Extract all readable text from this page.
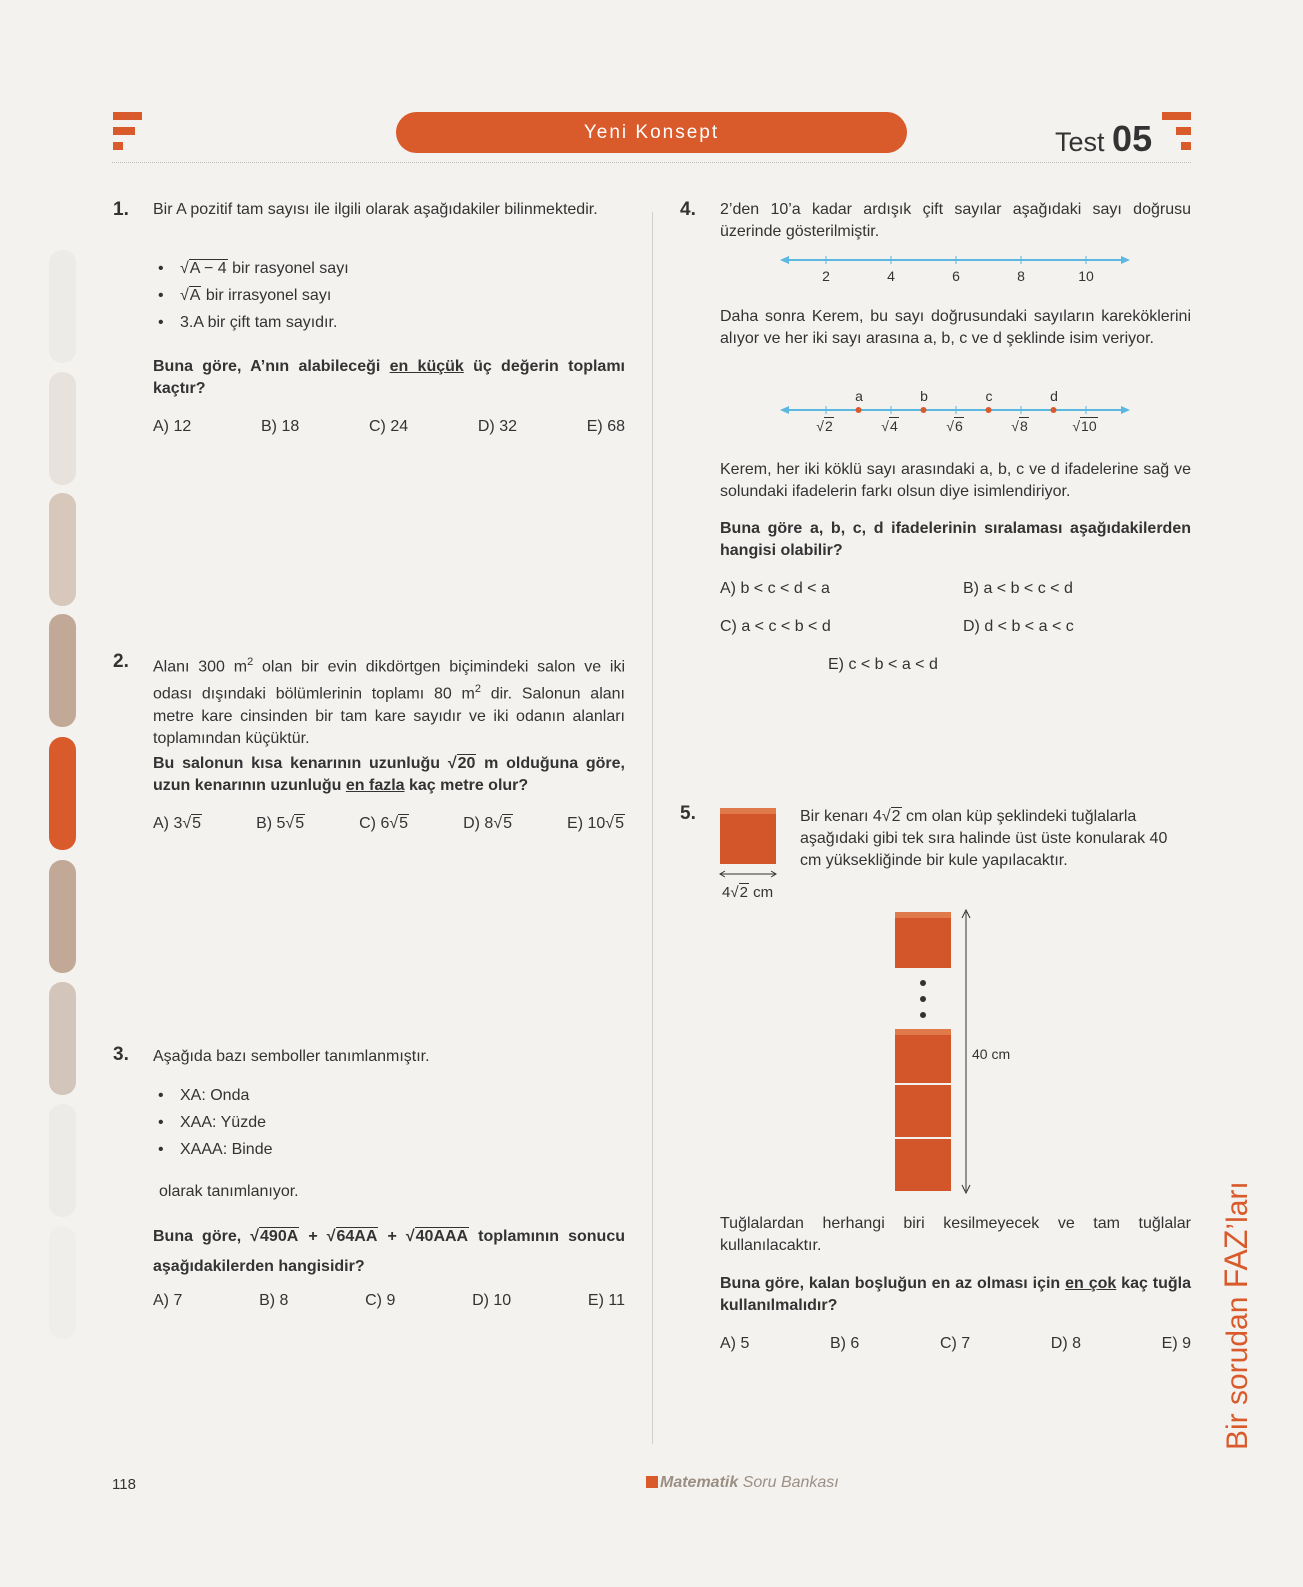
Yeni Konsept	Test 05
1. Bir A pozitif tam sayısı ile ilgili olarak aşağıdakiler bilinmektedir.
• √A − 4 bir rasyonel sayı
• √A bir irrasyonel sayı
• 3.A bir çift tam sayıdır.
Buna göre, A’nın alabileceği en küçük üç değerin toplamı kaçtır?
A) 12	B) 18	C) 24	D) 32	E) 68
2. Alanı 300 $m^2$ olan bir evin dikdörtgen biçimindeki salon ve iki odası dışındaki bölümlerinin toplamı 80 $m^2$ dir. Salonun alanı metre kare cinsinden bir tam kare sayıdır ve iki odanın alanları toplamından küçüktür.
Bu salonun kısa kenarının uzunluğu √20 m olduğuna göre, uzun kenarının uzunluğu en fazla kaç metre olur?
A) 3√5	B) 5√5	C) 6√5	D) 8√5	E) 10√5
3. Aşağıda bazı semboller tanımlanmıştır.
• XA: Onda
• XAA: Yüzde
• XAAA: Binde
olarak tanımlanıyor.
Buna göre, √490A + √64AA + √40AAA toplamının sonucu aşağıdakilerden hangisidir?
A) 7	B) 8	C) 9	D) 10	E) 11
4. 2’den 10’a kadar ardışık çift sayılar aşağıdaki sayı doğrusu üzerinde gösterilmiştir.
2	4	6	8	10
Daha sonra Kerem, bu sayı doğrusundaki sayıların kareköklerini alıyor ve her iki sayı arasına a, b, c ve d şeklinde isim veriyor.
a	b	c	d
√2	√4	√6	√8	√10
Kerem, her iki köklü sayı arasındaki a, b, c ve d ifadelerine sağ ve solundaki ifadelerin farkı olsun diye isimlendiriyor.
Buna göre a, b, c, d ifadelerinin sıralaması aşağıdakilerden hangisi olabilir?
A) b < c < d < a	B) a < b < c < d
C) a < c < b < d	D) d < b < a < c
E) c < b < a < d
5.
4√2 cm
Bir kenarı 4√2 cm olan küp şeklindeki tuğlalarla aşağıdaki gibi tek sıra halinde üst üste konularak 40 cm yüksekliğinde bir kule yapılacaktır.
40 cm
Tuğlalardan herhangi biri kesilmeyecek ve tam tuğlalar kullanılacaktır.
Buna göre, kalan boşluğun en az olması için en çok kaç tuğla kullanılmalıdır?
A) 5	B) 6	C) 7	D) 8	E) 9 Bir sorudan FAZ’ları
118	Matematik Soru Bankası
